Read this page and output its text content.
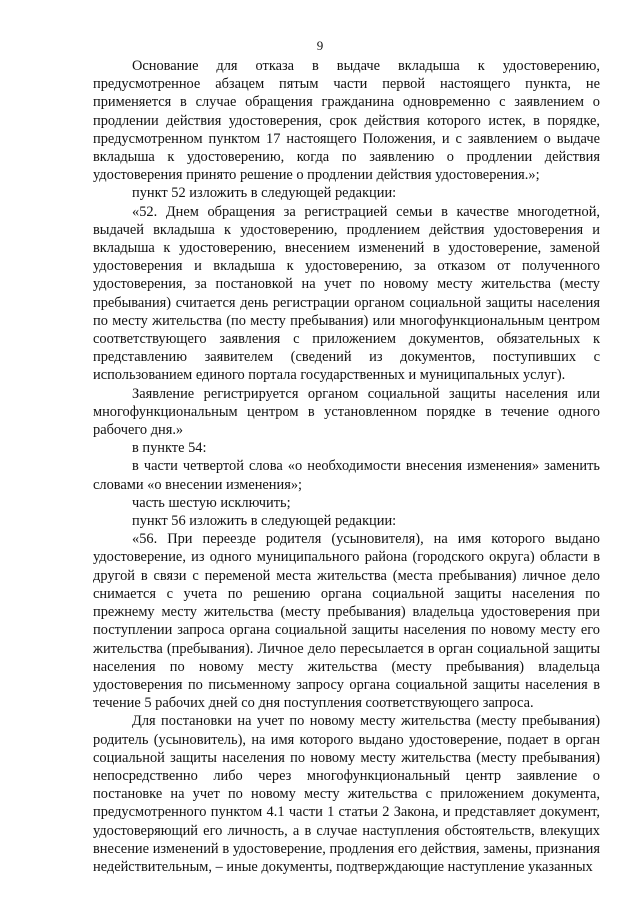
9

Основание для отказа в выдаче вкладыша к удостоверению, предусмотренное абзацем пятым части первой настоящего пункта, не применяется в случае обращения гражданина одновременно с заявлением о продлении действия удостоверения, срок действия которого истек, в порядке, предусмотренном пунктом 17 настоящего Положения, и с заявлением о выдаче вкладыша к удостоверению, когда по заявлению о продлении действия удостоверения принято решение о продлении действия удостоверения.»;

пункт 52 изложить в следующей редакции:

«52. Днем обращения за регистрацией семьи в качестве многодетной, выдачей вкладыша к удостоверению, продлением действия удостоверения и вкладыша к удостоверению, внесением изменений в удостоверение, заменой удостоверения и вкладыша к удостоверению, за отказом от полученного удостоверения, за постановкой на учет по новому месту жительства (месту пребывания) считается день регистрации органом социальной защиты населения по месту жительства (по месту пребывания) или многофункциональным центром соответствующего заявления с приложением документов, обязательных к представлению заявителем (сведений из документов, поступивших с использованием единого портала государственных и муниципальных услуг).

Заявление регистрируется органом социальной защиты населения или многофункциональным центром в установленном порядке в течение одного рабочего дня.»

в пункте 54:

в части четвертой слова «о необходимости внесения изменения» заменить словами «о внесении изменения»;

часть шестую исключить;

пункт 56 изложить в следующей редакции:

«56. При переезде родителя (усыновителя), на имя которого выдано удостоверение, из одного муниципального района (городского округа) области в другой в связи с переменой места жительства (места пребывания) личное дело снимается с учета по решению органа социальной защиты населения по прежнему месту жительства (месту пребывания) владельца удостоверения при поступлении запроса органа социальной защиты населения по новому месту его жительства (пребывания). Личное дело пересылается в орган социальной защиты населения по новому месту жительства (месту пребывания) владельца удостоверения по письменному запросу органа социальной защиты населения в течение 5 рабочих дней со дня поступления соответствующего запроса.

Для постановки на учет по новому месту жительства (месту пребывания) родитель (усыновитель), на имя которого выдано удостоверение, подает в орган социальной защиты населения по новому месту жительства (месту пребывания) непосредственно либо через многофункциональный центр заявление о постановке на учет по новому месту жительства с приложением документа, предусмотренного пунктом 4.1 части 1 статьи 2 Закона, и представляет документ, удостоверяющий его личность, а в случае наступления обстоятельств, влекущих внесение изменений в удостоверение, продления его действия, замены, признания недействительным, – иные документы, подтверждающие наступление указанных
